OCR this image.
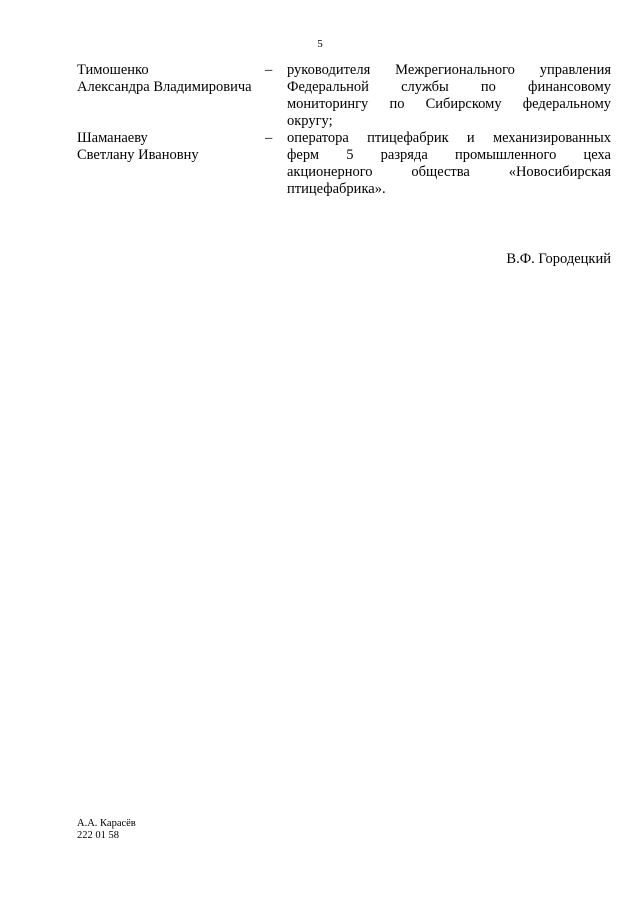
5
Тимошенко
Александра Владимировича
– руководителя Межрегионального управления
Федеральной службы по финансовому
мониторингу по Сибирскому федеральному
округу;
Шаманаеву
Светлану Ивановну
– оператора птицефабрик и механизированных
ферм 5 разряда промышленного цеха
акционерного общества «Новосибирская
птицефабрика».
В.Ф. Городецкий
А.А. Карасёв
222 01 58
